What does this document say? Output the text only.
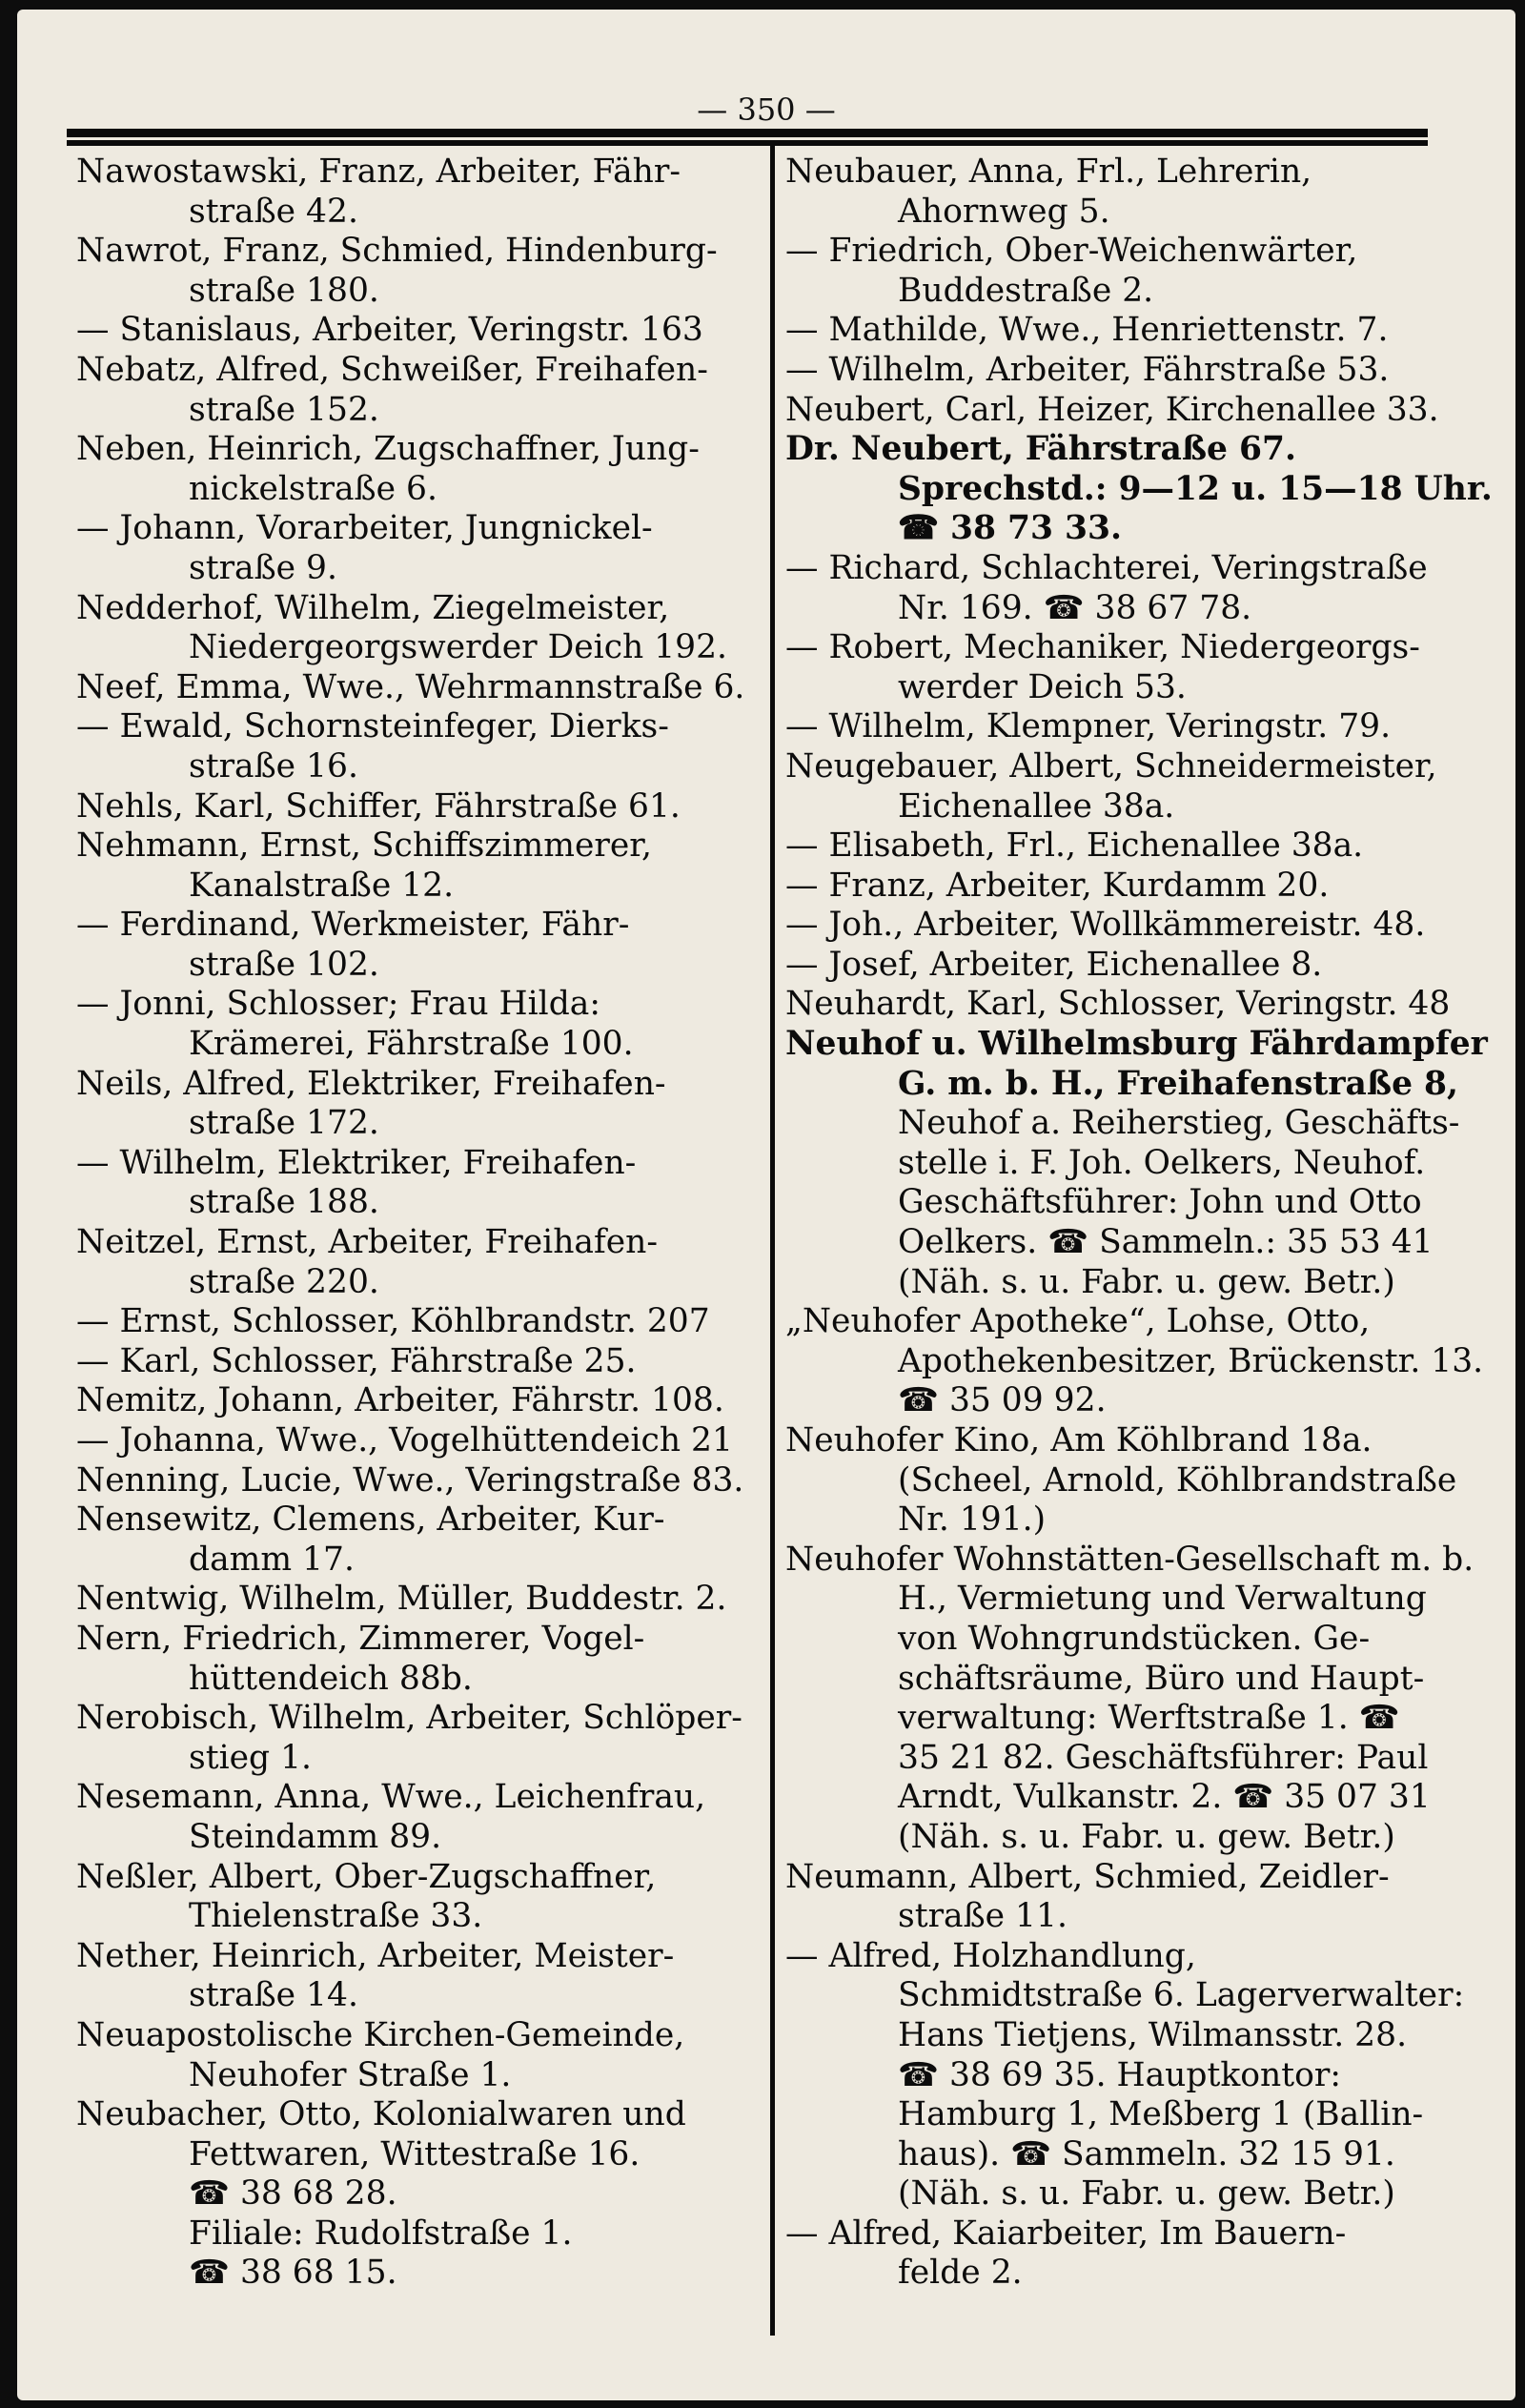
— 350 —
Nawostawski, Franz, Arbeiter, Fähr-
straße 42.
Nawrot, Franz, Schmied, Hindenburg-
straße 180.
— Stanislaus, Arbeiter, Veringstr. 163
Nebatz, Alfred, Schweißer, Freihafen-
straße 152.
Neben, Heinrich, Zugschaffner, Jung-
nickelstraße 6.
— Johann, Vorarbeiter, Jungnickel-
straße 9.
Nedderhof, Wilhelm, Ziegelmeister,
Niedergeorgswerder Deich 192.
Neef, Emma, Wwe., Wehrmannstraße 6.
— Ewald, Schornsteinfeger, Dierks-
straße 16.
Nehls, Karl, Schiffer, Fährstraße 61.
Nehmann, Ernst, Schiffszimmerer,
Kanalstraße 12.
— Ferdinand, Werkmeister, Fähr-
straße 102.
— Jonni, Schlosser; Frau Hilda:
Krämerei, Fährstraße 100.
Neils, Alfred, Elektriker, Freihafen-
straße 172.
— Wilhelm, Elektriker, Freihafen-
straße 188.
Neitzel, Ernst, Arbeiter, Freihafen-
straße 220.
— Ernst, Schlosser, Köhlbrandstr. 207
— Karl, Schlosser, Fährstraße 25.
Nemitz, Johann, Arbeiter, Fährstr. 108.
— Johanna, Wwe., Vogelhüttendeich 21
Nenning, Lucie, Wwe., Veringstraße 83.
Nensewitz, Clemens, Arbeiter, Kur-
damm 17.
Nentwig, Wilhelm, Müller, Buddestr. 2.
Nern, Friedrich, Zimmerer, Vogel-
hüttendeich 88b.
Nerobisch, Wilhelm, Arbeiter, Schlöper-
stieg 1.
Nesemann, Anna, Wwe., Leichenfrau,
Steindamm 89.
Neßler, Albert, Ober-Zugschaffner,
Thielenstraße 33.
Nether, Heinrich, Arbeiter, Meister-
straße 14.
Neuapostolische Kirchen-Gemeinde,
Neuhofer Straße 1.
Neubacher, Otto, Kolonialwaren und
Fettwaren, Wittestraße 16.
☎ 38 68 28.
Filiale: Rudolfstraße 1.
☎ 38 68 15.
Neubauer, Anna, Frl., Lehrerin,
Ahornweg 5.
— Friedrich, Ober-Weichenwärter,
Buddestraße 2.
— Mathilde, Wwe., Henriettenstr. 7.
— Wilhelm, Arbeiter, Fährstraße 53.
Neubert, Carl, Heizer, Kirchenallee 33.
Dr. Neubert, Fährstraße 67.
Sprechstd.: 9—12 u. 15—18 Uhr.
☎ 38 73 33.
— Richard, Schlachterei, Veringstraße
Nr. 169. ☎ 38 67 78.
— Robert, Mechaniker, Niedergeorgs-
werder Deich 53.
— Wilhelm, Klempner, Veringstr. 79.
Neugebauer, Albert, Schneidermeister,
Eichenallee 38a.
— Elisabeth, Frl., Eichenallee 38a.
— Franz, Arbeiter, Kurdamm 20.
— Joh., Arbeiter, Wollkämmereistr. 48.
— Josef, Arbeiter, Eichenallee 8.
Neuhardt, Karl, Schlosser, Veringstr. 48
Neuhof u. Wilhelmsburg Fährdampfer
G. m. b. H., Freihafenstraße 8,
Neuhof a. Reiherstieg, Geschäfts-
stelle i. F. Joh. Oelkers, Neuhof.
Geschäftsführer: John und Otto
Oelkers. ☎ Sammeln.: 35 53 41
(Näh. s. u. Fabr. u. gew. Betr.)
„Neuhofer Apotheke“, Lohse, Otto,
Apothekenbesitzer, Brückenstr. 13.
☎ 35 09 92.
Neuhofer Kino, Am Köhlbrand 18a.
(Scheel, Arnold, Köhlbrandstraße
Nr. 191.)
Neuhofer Wohnstätten-Gesellschaft m. b.
H., Vermietung und Verwaltung
von Wohngrundstücken. Ge-
schäftsräume, Büro und Haupt-
verwaltung: Werftstraße 1. ☎
35 21 82. Geschäftsführer: Paul
Arndt, Vulkanstr. 2. ☎ 35 07 31
(Näh. s. u. Fabr. u. gew. Betr.)
Neumann, Albert, Schmied, Zeidler-
straße 11.
— Alfred, Holzhandlung,
Schmidtstraße 6. Lagerverwalter:
Hans Tietjens, Wilmansstr. 28.
☎ 38 69 35. Hauptkontor:
Hamburg 1, Meßberg 1 (Ballin-
haus). ☎ Sammeln. 32 15 91.
(Näh. s. u. Fabr. u. gew. Betr.)
— Alfred, Kaiarbeiter, Im Bauern-
felde 2.
